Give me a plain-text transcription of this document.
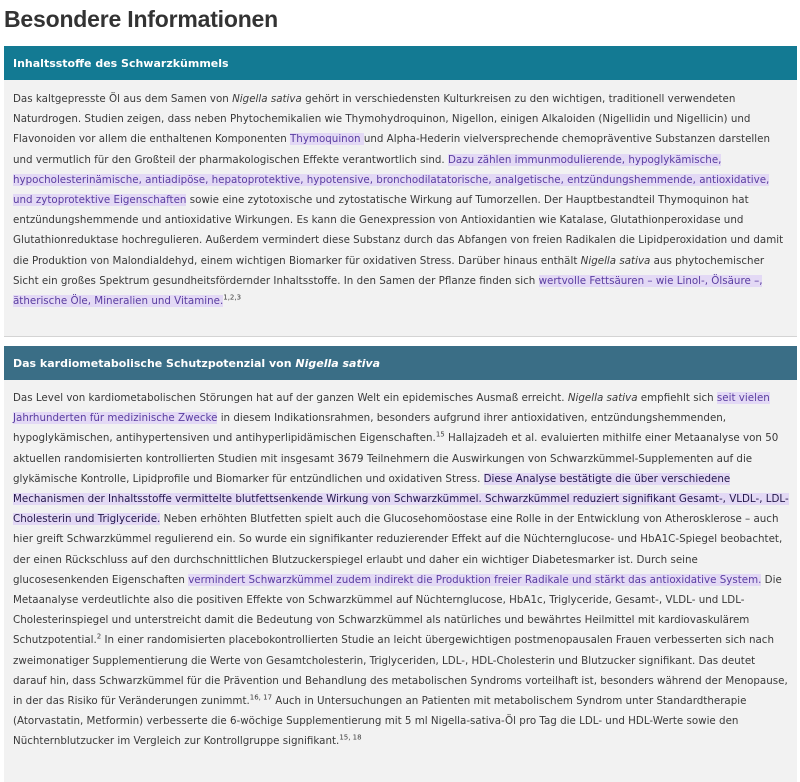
Besondere Informationen
Inhaltsstoffe des Schwarzkümmels

Das kaltgepresste Öl aus dem Samen von Nigella sativa gehört in verschiedensten Kulturkreisen zu den wichtigen, traditionell verwendeten Naturdrogen. Studien zeigen, dass neben Phytochemikalien wie Thymohydroquinon, Nigellon, einigen Alkaloiden (Nigellidin und Nigellicin) und Flavonoiden vor allem die enthaltenen Komponenten Thymoquinon und Alpha-Hederin vielversprechende chemopräventive Substanzen darstellen und vermutlich für den Großteil der pharmakologischen Effekte verantwortlich sind. Dazu zählen immunmodulierende, hypoglykämische, hypocholesterinämische, antiadipöse, hepatoprotektive, hypotensive, bronchodilatatorische, analgetische, entzündungshemmende, antioxidative, und zytoprotektive Eigenschaften sowie eine zytotoxische und zytostatische Wirkung auf Tumorzellen. Der Hauptbestandteil Thymoquinon hat entzündungshemmende und antioxidative Wirkungen. Es kann die Genexpression von Antioxidantien wie Katalase, Glutathionperoxidase und Glutathionreduktase hochregulieren. Außerdem vermindert diese Substanz durch das Abfangen von freien Radikalen die Lipidperoxidation und damit die Produktion von Malondialdehyd, einem wichtigen Biomarker für oxidativen Stress. Darüber hinaus enthält Nigella sativa aus phytochemischer Sicht ein großes Spektrum gesundheitsfördernder Inhaltsstoffe. In den Samen der Pflanze finden sich wertvolle Fettsäuren – wie Linol-, Ölsäure –, ätherische Öle, Mineralien und Vitamine.$^{1,2,3}$

Das kardiometabolische Schutzpotenzial von Nigella sativa

Das Level von kardiometabolischen Störungen hat auf der ganzen Welt ein epidemisches Ausmaß erreicht. Nigella sativa empfiehlt sich seit vielen Jahrhunderten für medizinische Zwecke in diesem Indikationsrahmen, besonders aufgrund ihrer antioxidativen, entzündungshemmenden, hypoglykämischen, antihypertensiven und antihyperlipidämischen Eigenschaften.$^{15}$ Hallajzadeh et al. evaluierten mithilfe einer Metaanalyse von 50 aktuellen randomisierten kontrollierten Studien mit insgesamt 3679 Teilnehmern die Auswirkungen von Schwarzkümmel-Supplementen auf die glykämische Kontrolle, Lipidprofile und Biomarker für entzündlichen und oxidativen Stress. Diese Analyse bestätigte die über verschiedene Mechanismen der Inhaltsstoffe vermittelte blutfettsenkende Wirkung von Schwarzkümmel. Schwarzkümmel reduziert signifikant Gesamt-, VLDL-, LDL-Cholesterin und Triglyceride. Neben erhöhten Blutfetten spielt auch die Glucosehomöostase eine Rolle in der Entwicklung von Atherosklerose – auch hier greift Schwarzkümmel regulierend ein. So wurde ein signifikanter reduzierender Effekt auf die Nüchternglucose- und HbA1C-Spiegel beobachtet, der einen Rückschluss auf den durchschnittlichen Blutzuckerspiegel erlaubt und daher ein wichtiger Diabetesmarker ist. Durch seine glucosesenkenden Eigenschaften vermindert Schwarzkümmel zudem indirekt die Produktion freier Radikale und stärkt das antioxidative System. Die Metaanalyse verdeutlichte also die positiven Effekte von Schwarzkümmel auf Nüchternglucose, HbA1c, Triglyceride, Gesamt-, VLDL- und LDL-Cholesterinspiegel und unterstreicht damit die Bedeutung von Schwarzkümmel als natürliches und bewährtes Heilmittel mit kardiovaskulärem Schutzpotential.$^2$ In einer randomisierten placebokontrollierten Studie an leicht übergewichtigen postmenopausalen Frauen verbesserten sich nach zweimonatiger Supplementierung die Werte von Gesamtcholesterin, Triglyceriden, LDL-, HDL-Cholesterin und Blutzucker signifikant. Das deutet darauf hin, dass Schwarzkümmel für die Prävention und Behandlung des metabolischen Syndroms vorteilhaft ist, besonders während der Menopause, in der das Risiko für Veränderungen zunimmt.$^{16, 17}$ Auch in Untersuchungen an Patienten mit metabolischem Syndrom unter Standardtherapie (Atorvastatin, Metformin) verbesserte die 6-wöchige Supplementierung mit 5 ml Nigella-sativa-Öl pro Tag die LDL- und HDL-Werte sowie den Nüchternblutzucker im Vergleich zur Kontrollgruppe signifikant.$^{15, 18}$
